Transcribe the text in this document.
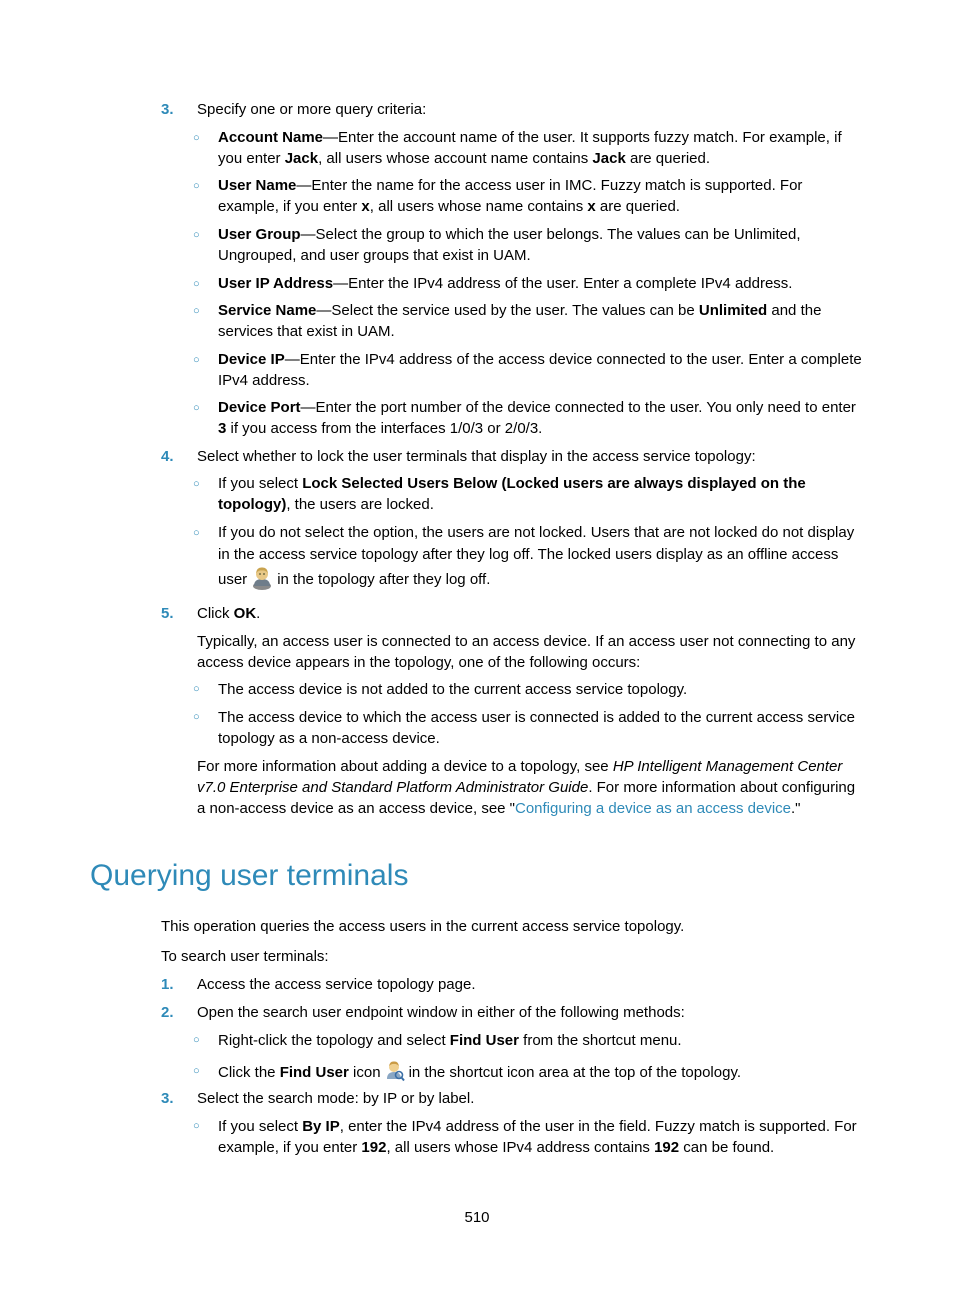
3. Specify one or more query criteria:
○ Account Name—Enter the account name of the user. It supports fuzzy match. For example, if you enter Jack, all users whose account name contains Jack are queried.
○ User Name—Enter the name for the access user in IMC. Fuzzy match is supported. For example, if you enter x, all users whose name contains x are queried.
○ User Group—Select the group to which the user belongs. The values can be Unlimited, Ungrouped, and user groups that exist in UAM.
○ User IP Address—Enter the IPv4 address of the user. Enter a complete IPv4 address.
○ Service Name—Select the service used by the user. The values can be Unlimited and the services that exist in UAM.
○ Device IP—Enter the IPv4 address of the access device connected to the user. Enter a complete IPv4 address.
○ Device Port—Enter the port number of the device connected to the user. You only need to enter 3 if you access from the interfaces 1/0/3 or 2/0/3.
4. Select whether to lock the user terminals that display in the access service topology:
○ If you select Lock Selected Users Below (Locked users are always displayed on the topology), the users are locked.
○ If you do not select the option, the users are not locked. Users that are not locked do not display in the access service topology after they log off. The locked users display as an offline access user in the topology after they log off.
5. Click OK.
Typically, an access user is connected to an access device. If an access user not connecting to any access device appears in the topology, one of the following occurs:
○ The access device is not added to the current access service topology.
○ The access device to which the access user is connected is added to the current access service topology as a non-access device.
For more information about adding a device to a topology, see HP Intelligent Management Center v7.0 Enterprise and Standard Platform Administrator Guide. For more information about configuring a non-access device as an access device, see "Configuring a device as an access device."
Querying user terminals
This operation queries the access users in the current access service topology.
To search user terminals:
1. Access the access service topology page.
2. Open the search user endpoint window in either of the following methods:
○ Right-click the topology and select Find User from the shortcut menu.
○ Click the Find User icon in the shortcut icon area at the top of the topology.
3. Select the search mode: by IP or by label.
○ If you select By IP, enter the IPv4 address of the user in the field. Fuzzy match is supported. For example, if you enter 192, all users whose IPv4 address contains 192 can be found.
510
